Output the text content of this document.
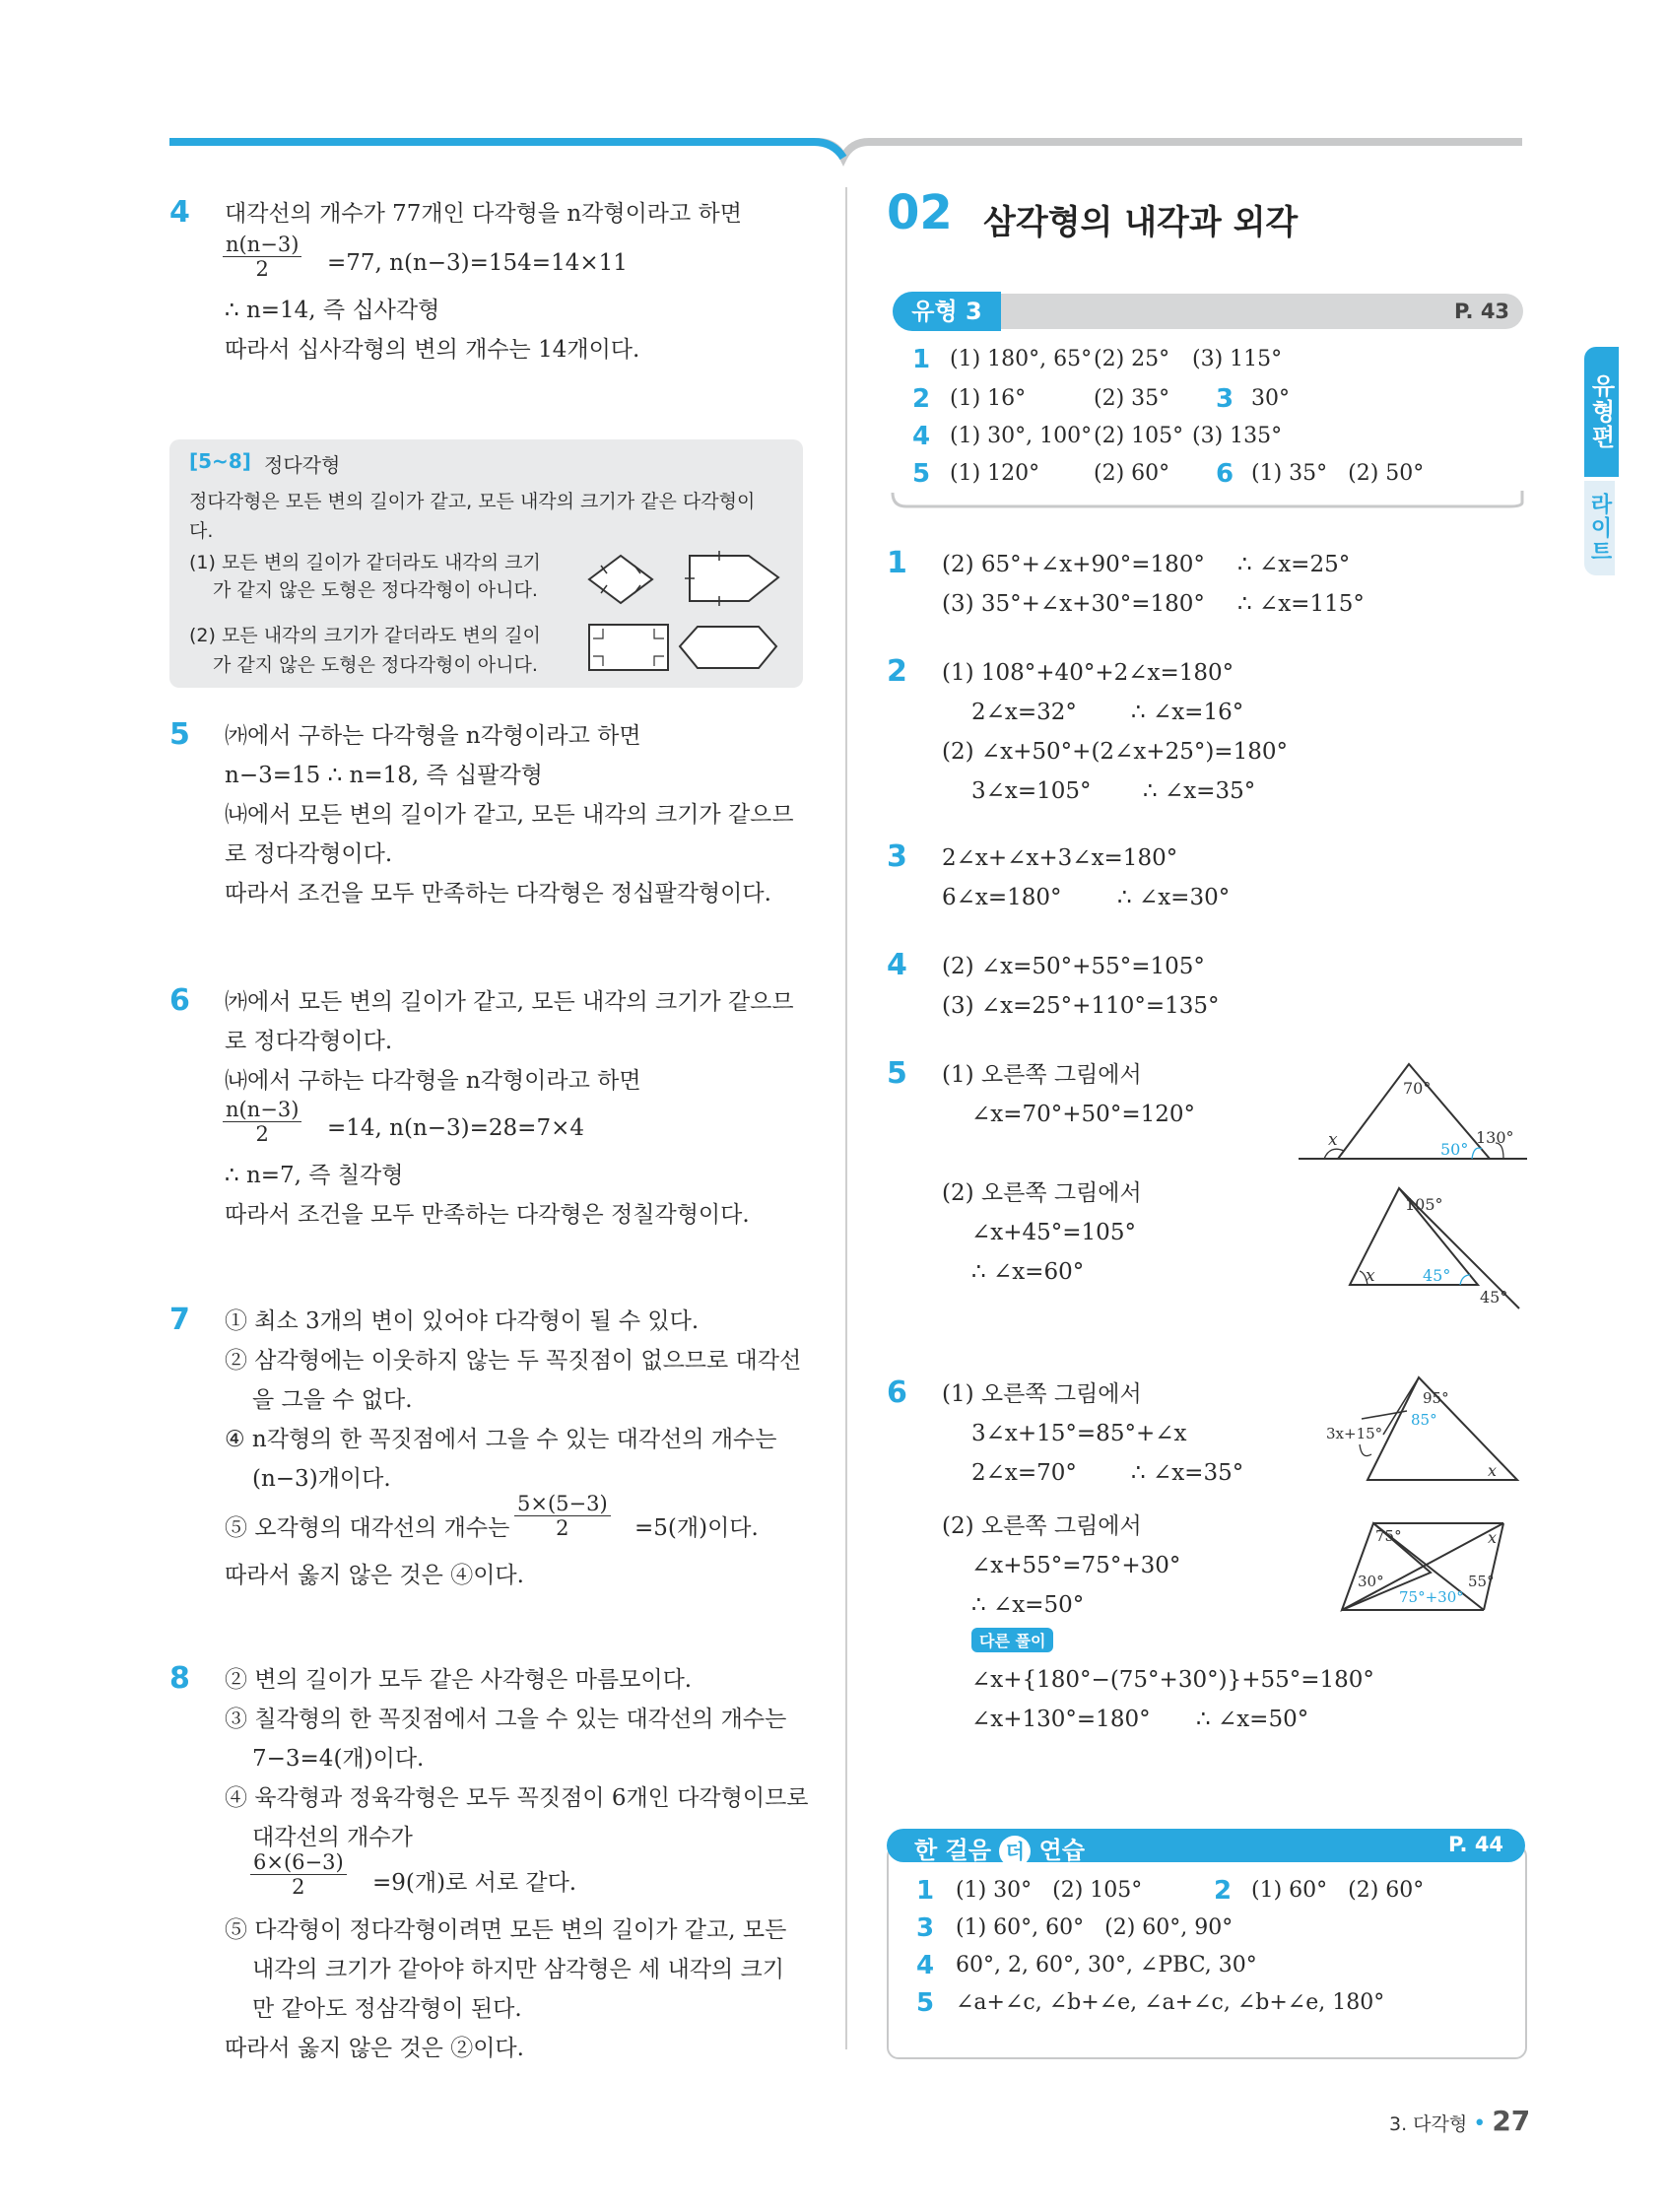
4 대각선의 개수가 77개인 다각형을 n각형이라고 하면
$\frac{n(n-3)}{2} =77$, n(n−3)=154=14×11
∴ n=14, 즉 십사각형
따라서 십사각형의 변의 개수는 14개이다.
[5~8] 정다각형
정다각형은 모든 변의 길이가 같고, 모든 내각의 크기가 같은 다각형이
다.
(1) 모든 변의 길이가 같더라도 내각의 크기
가 같지 않은 도형은 정다각형이 아니다.
(2) 모든 내각의 크기가 같더라도 변의 길이
가 같지 않은 도형은 정다각형이 아니다.
5 ㈎에서 구하는 다각형을 n각형이라고 하면
n−3=15 ∴ n=18, 즉 십팔각형
㈏에서 모든 변의 길이가 같고, 모든 내각의 크기가 같으므
로 정다각형이다.
따라서 조건을 모두 만족하는 다각형은 정십팔각형이다.
6 ㈎에서 모든 변의 길이가 같고, 모든 내각의 크기가 같으므
로 정다각형이다.
㈏에서 구하는 다각형을 n각형이라고 하면
$\frac{n(n-3)}{2} =14$, n(n−3)=28=7×4
∴ n=7, 즉 칠각형
따라서 조건을 모두 만족하는 다각형은 정칠각형이다.
7 ① 최소 3개의 변이 있어야 다각형이 될 수 있다.
② 삼각형에는 이웃하지 않는 두 꼭짓점이 없으므로 대각선
을 그을 수 없다.
④ n각형의 한 꼭짓점에서 그을 수 있는 대각선의 개수는
(n−3)개이다.
⑤ 오각형의 대각선의 개수는 $\frac{5\times(5-3)}{2} =5$(개)이다.
따라서 옳지 않은 것은 ④이다.
8 ② 변의 길이가 모두 같은 사각형은 마름모이다.
③ 칠각형의 한 꼭짓점에서 그을 수 있는 대각선의 개수는
7−3=4(개)이다.
④ 육각형과 정육각형은 모두 꼭짓점이 6개인 다각형이므로
대각선의 개수가
$\frac{6\times(6-3)}{2} =9$(개)로 서로 같다.
⑤ 다각형이 정다각형이려면 모든 변의 길이가 같고, 모든
내각의 크기가 같아야 하지만 삼각형은 세 내각의 크기
만 같아도 정삼각형이 된다.
따라서 옳지 않은 것은 ②이다.
02 삼각형의 내각과 외각
유형 3	P. 43
1 (1) 180°, 65° (2) 25° (3) 115°
2 (1) 16°	(2) 35° 3 30°
4 (1) 30°, 100° (2) 105° (3) 135°
5 (1) 120° (2) 60° 6 (1) 35°   (2) 50°
1 (2) 65°+∠x+90°=180° ∴ ∠x=25°
(3) 35°+∠x+30°=180° ∴ ∠x=115°
2 (1) 108°+40°+2∠x=180°
2∠x=32° ∴ ∠x=16°
(2) ∠x+50°+(2∠x+25°)=180°
3∠x=105° ∴ ∠x=35°
3 2∠x+∠x+3∠x=180°
6∠x=180° ∴ ∠x=30°
4 (2) ∠x=50°+55°=105°
(3) ∠x=25°+110°=135°
5 (1) 오른쪽 그림에서
∠x=70°+50°=120°
(2) 오른쪽 그림에서
∠x+45°=105°
∴ ∠x=60°
70°
x	50°
130°
105°
x	45°
45°
6 (1) 오른쪽 그림에서
3∠x+15°=85°+∠x
2∠x=70° ∴ ∠x=35°
(2) 오른쪽 그림에서
∠x+55°=75°+30°
∴ ∠x=50°
다른 풀이
∠x+{180°−(75°+30°)}+55°=180°
∠x+130°=180° ∴ ∠x=50°
95°
85°
3x+15°
x
75°	x
30°	55°
75°+30°
한 걸음 더 연습	P. 44
1 (1) 30°   (2) 105°	2 (1) 60°   (2) 60°
3 (1) 60°, 60°   (2) 60°, 90°
4 60°, 2, 60°, 30°, ∠PBC, 30°
5 ∠a+∠c, ∠b+∠e, ∠a+∠c, ∠b+∠e, 180°
유형편
라이트
3. 다각형 • 27
